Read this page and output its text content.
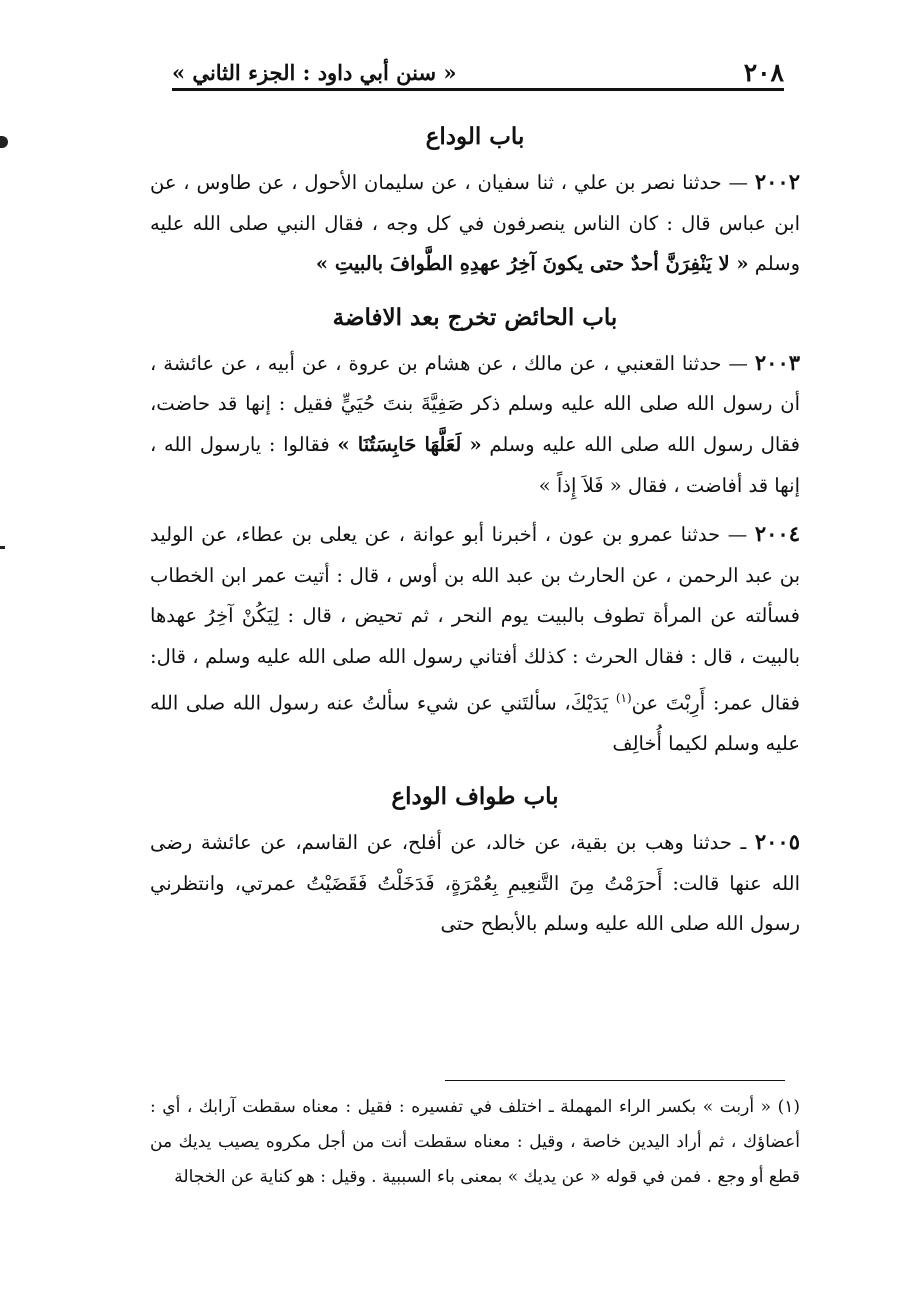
٢٠٨
« سنن أبي داود : الجزء الثاني »
باب الوداع

٢٠٠٢ — حدثنا نصر بن علي ، ثنا سفيان ، عن سليمان الأحول ، عن طاوس ، عن ابن عباس قال : كان الناس ينصرفون في كل وجه ، فقال النبي صلى الله عليه وسلم « لا يَنْفِرَنَّ أحدٌ حتى يكونَ آخِرُ عهدِهِ الطَّوافَ بالبيتِ »

باب الحائض تخرج بعد الافاضة

٢٠٠٣ — حدثنا القعنبي ، عن مالك ، عن هشام بن عروة ، عن أبيه ، عن عائشة ، أن رسول الله صلى الله عليه وسلم ذكر صَفِيَّةَ بنتَ حُيَيٍّ فقيل : إنها قد حاضت، فقال رسول الله صلى الله عليه وسلم « لَعَلَّهَا حَابِسَتُنَا » فقالوا : يارسول الله ، إنها قد أفاضت ، فقال « فَلاَ إِذاً »

٢٠٠٤ — حدثنا عمرو بن عون ، أخبرنا أبو عوانة ، عن يعلى بن عطاء، عن الوليد بن عبد الرحمن ، عن الحارث بن عبد الله بن أوس ، قال : أتيت عمر ابن الخطاب فسألته عن المرأة تطوف بالبيت يوم النحر ، ثم تحيض ، قال : لِيَكُنْ آخِرُ عهدها بالبيت ، قال : فقال الحرث : كذلك أفتاني رسول الله صلى الله عليه وسلم ، قال: فقال عمر: أَرِبْتَ عن$^{(١)}$ يَدَيْكَ، سألتَني عن شيء سألتُ عنه رسول الله صلى الله عليه وسلم لكيما أُخالِف

باب طواف الوداع

٢٠٠٥ ـ حدثنا وهب بن بقية، عن خالد، عن أفلح، عن القاسم، عن عائشة رضى الله عنها قالت: أَحرَمْتُ مِنَ التَّنعِيمِ بِعُمْرَةٍ، فَدَخَلْتُ فَقَضَيْتُ عمرتي، وانتظرني رسول الله صلى الله عليه وسلم بالأبطح حتى

(١) « أربت » بكسر الراء المهملة ـ اختلف في تفسيره : فقيل : معناه سقطت آرابك ، أي : أعضاؤك ، ثم أراد اليدين خاصة ، وقيل : معناه سقطت أنت من أجل مكروه يصيب يديك من قطع أو وجع . فمن في قوله « عن يديك » بمعنى باء السببية . وقيل : هو كناية عن الخجالة
